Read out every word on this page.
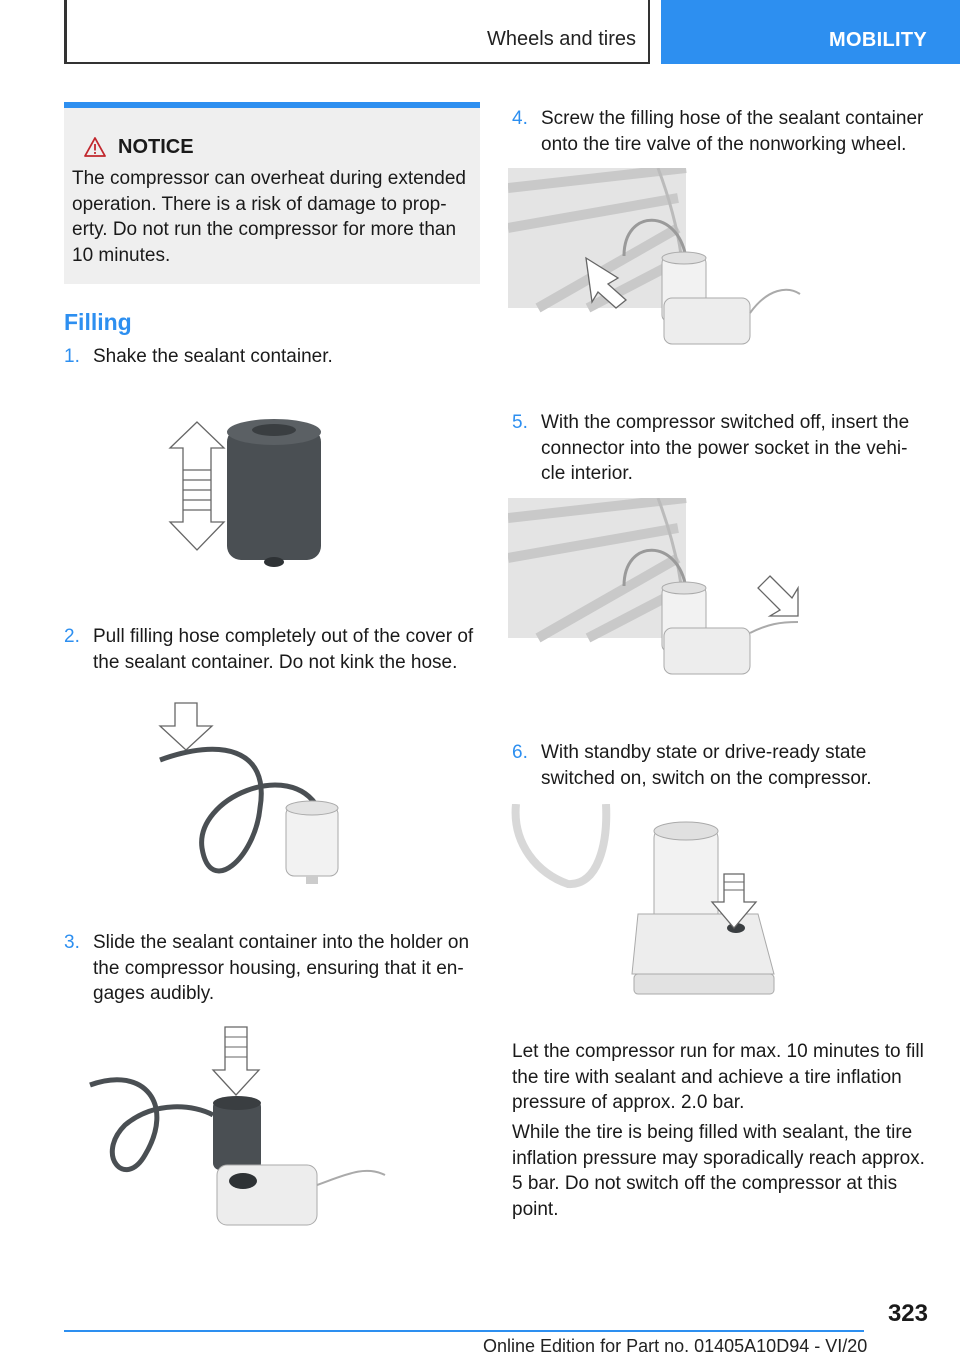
Wheels and tires	MOBILITY
NOTICE
The compressor can overheat during extended operation. There is a risk of damage to prop- erty. Do not run the compressor for more than 10 minutes.
Filling
1. Shake the sealant container.
2. Pull filling hose completely out of the cover of the sealant container. Do not kink the hose.
3. Slide the sealant container into the holder on the compressor housing, ensuring that it en- gages audibly.
4. Screw the filling hose of the sealant container onto the tire valve of the nonworking wheel.
5. With the compressor switched off, insert the connector into the power socket in the vehi- cle interior.
6. With standby state or drive-ready state switched on, switch on the compressor.
Let the compressor run for max. 10 minutes to fill the tire with sealant and achieve a tire inflation pressure of approx. 2.0 bar.
While the tire is being filled with sealant, the tire inflation pressure may sporadically reach approx. 5 bar. Do not switch off the compressor at this point.
323
Online Edition for Part no. 01405A10D94 - VI/20
